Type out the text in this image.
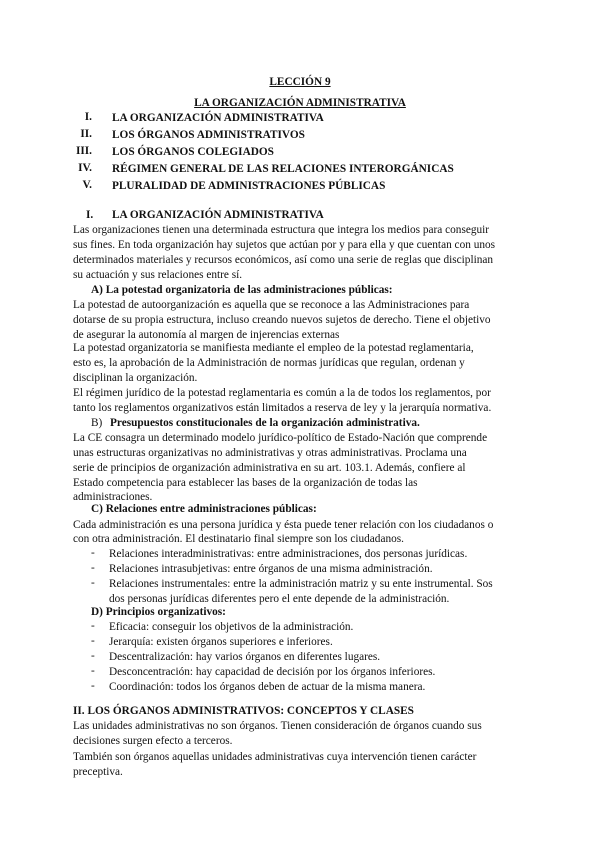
LECCIÓN 9
LA ORGANIZACIÓN ADMINISTRATIVA
I. LA ORGANIZACIÓN ADMINISTRATIVA
II. LOS ÓRGANOS ADMINISTRATIVOS
III. LOS ÓRGANOS COLEGIADOS
IV. RÉGIMEN GENERAL DE LAS RELACIONES INTERORGÁNICAS
V. PLURALIDAD DE ADMINISTRACIONES PÚBLICAS
I. LA ORGANIZACIÓN ADMINISTRATIVA
Las organizaciones tienen una determinada estructura que integra los medios para conseguir
sus fines. En toda organización hay sujetos que actúan por y para ella y que cuentan con unos
determinados materiales y recursos económicos, así como una serie de reglas que disciplinan
su actuación y sus relaciones entre sí.
A) La potestad organizatoria de las administraciones públicas:
La potestad de autoorganización es aquella que se reconoce a las Administraciones para
dotarse de su propia estructura, incluso creando nuevos sujetos de derecho. Tiene el objetivo
de asegurar la autonomía al margen de injerencias externas
La potestad organizatoria se manifiesta mediante el empleo de la potestad reglamentaria,
esto es, la aprobación de la Administración de normas jurídicas que regulan, ordenan y
disciplinan la organización.
El régimen jurídico de la potestad reglamentaria es común a la de todos los reglamentos, por
tanto los reglamentos organizativos están limitados a reserva de ley y la jerarquía normativa.
B) Presupuestos constitucionales de la organización administrativa.
La CE consagra un determinado modelo jurídico-político de Estado-Nación que comprende
unas estructuras organizativas no administrativas y otras administrativas. Proclama una
serie de principios de organización administrativa en su art. 103.1. Además, confiere al
Estado competencia para establecer las bases de la organización de todas las
administraciones.
C) Relaciones entre administraciones públicas:
Cada administración es una persona jurídica y ésta puede tener relación con los ciudadanos o
con otra administración. El destinatario final siempre son los ciudadanos.
- Relaciones interadministrativas: entre administraciones, dos personas jurídicas.
- Relaciones intrasubjetivas: entre órganos de una misma administración.
- Relaciones instrumentales: entre la administración matriz y su ente instrumental. Sos
dos personas jurídicas diferentes pero el ente depende de la administración.
D) Principios organizativos:
- Eficacia: conseguir los objetivos de la administración.
- Jerarquía: existen órganos superiores e inferiores.
- Descentralización: hay varios órganos en diferentes lugares.
- Desconcentración: hay capacidad de decisión por los órganos inferiores.
- Coordinación: todos los órganos deben de actuar de la misma manera.
II. LOS ÓRGANOS ADMINISTRATIVOS: CONCEPTOS Y CLASES
Las unidades administrativas no son órganos. Tienen consideración de órganos cuando sus
decisiones surgen efecto a terceros.
También son órganos aquellas unidades administrativas cuya intervención tienen carácter
preceptiva.
